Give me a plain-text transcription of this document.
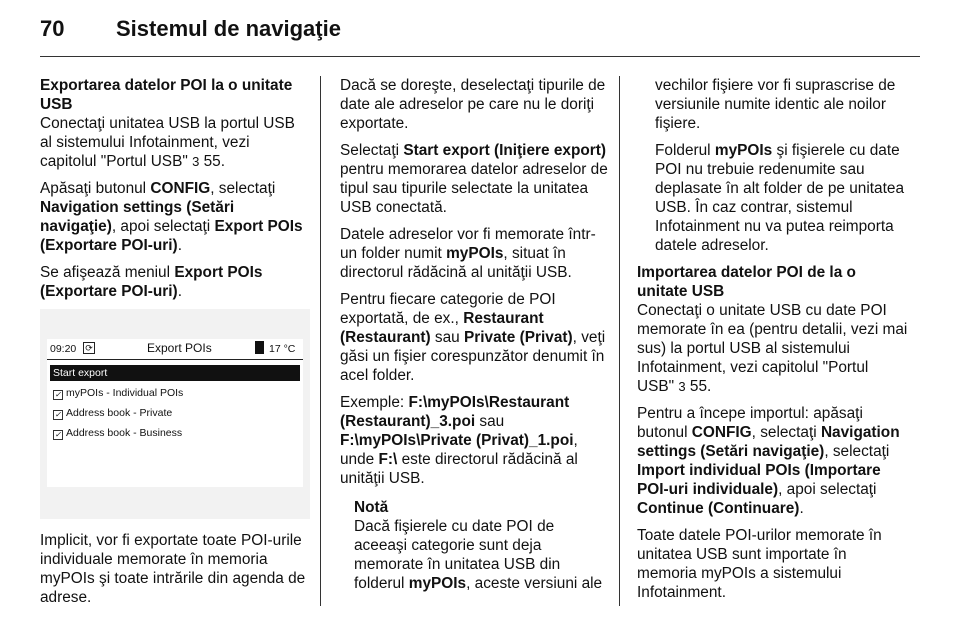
70 Sistemul de navigaţie

Exportarea datelor POI la o unitate USB

Conectaţi unitatea USB la portul USB al sistemului Infotainment, vezi capitolul "Portul USB" 3 55.

Apăsaţi butonul CONFIG, selectaţi Navigation settings (Setări navigaţie), apoi selectaţi Export POIs (Exportare POI-uri).

Se afişează meniul Export POIs (Exportare POI-uri).

09:20 ⟳	Export POIs	17 °C
Start export
✓ myPOIs - Individual POIs
✓ Address book - Private
✓ Address book - Business

Implicit, vor fi exportate toate POI-urile individuale memorate în memoria myPOIs şi toate intrările din agenda de adrese.

Dacă se doreşte, deselectaţi tipurile de date ale adreselor pe care nu le doriţi exportate.

Selectaţi Start export (Iniţiere export) pentru memorarea datelor adreselor de tipul sau tipurile selectate la unitatea USB conectată.

Datele adreselor vor fi memorate într-un folder numit myPOIs, situat în directorul rădăcină al unităţii USB.

Pentru fiecare categorie de POI exportată, de ex., Restaurant (Restaurant) sau Private (Privat), veţi găsi un fişier corespunzător denumit în acel folder.

Exemple: F:\myPOIs\Restaurant (Restaurant)_3.poi sau
F:\myPOIs\Private (Privat)_1.poi, unde F:\ este directorul rădăcină al unităţii USB.

Notă

Dacă fişierele cu date POI de aceeaşi categorie sunt deja memorate în unitatea USB din folderul myPOIs, aceste versiuni ale

vechilor fişiere vor fi suprascrise de versiunile numite identic ale noilor fişiere.

Folderul myPOIs şi fişierele cu date POI nu trebuie redenumite sau deplasate în alt folder de pe unitatea USB. În caz contrar, sistemul Infotainment nu va putea reimporta datele adreselor.

Importarea datelor POI de la o unitate USB

Conectaţi o unitate USB cu date POI memorate în ea (pentru detalii, vezi mai sus) la portul USB al sistemului Infotainment, vezi capitolul "Portul USB" 3 55.

Pentru a începe importul: apăsaţi butonul CONFIG, selectaţi Navigation settings (Setări navigaţie), selectaţi Import individual POIs (Importare POI-uri individuale), apoi selectaţi Continue (Continuare).

Toate datele POI-urilor memorate în unitatea USB sunt importate în memoria myPOIs a sistemului Infotainment.
